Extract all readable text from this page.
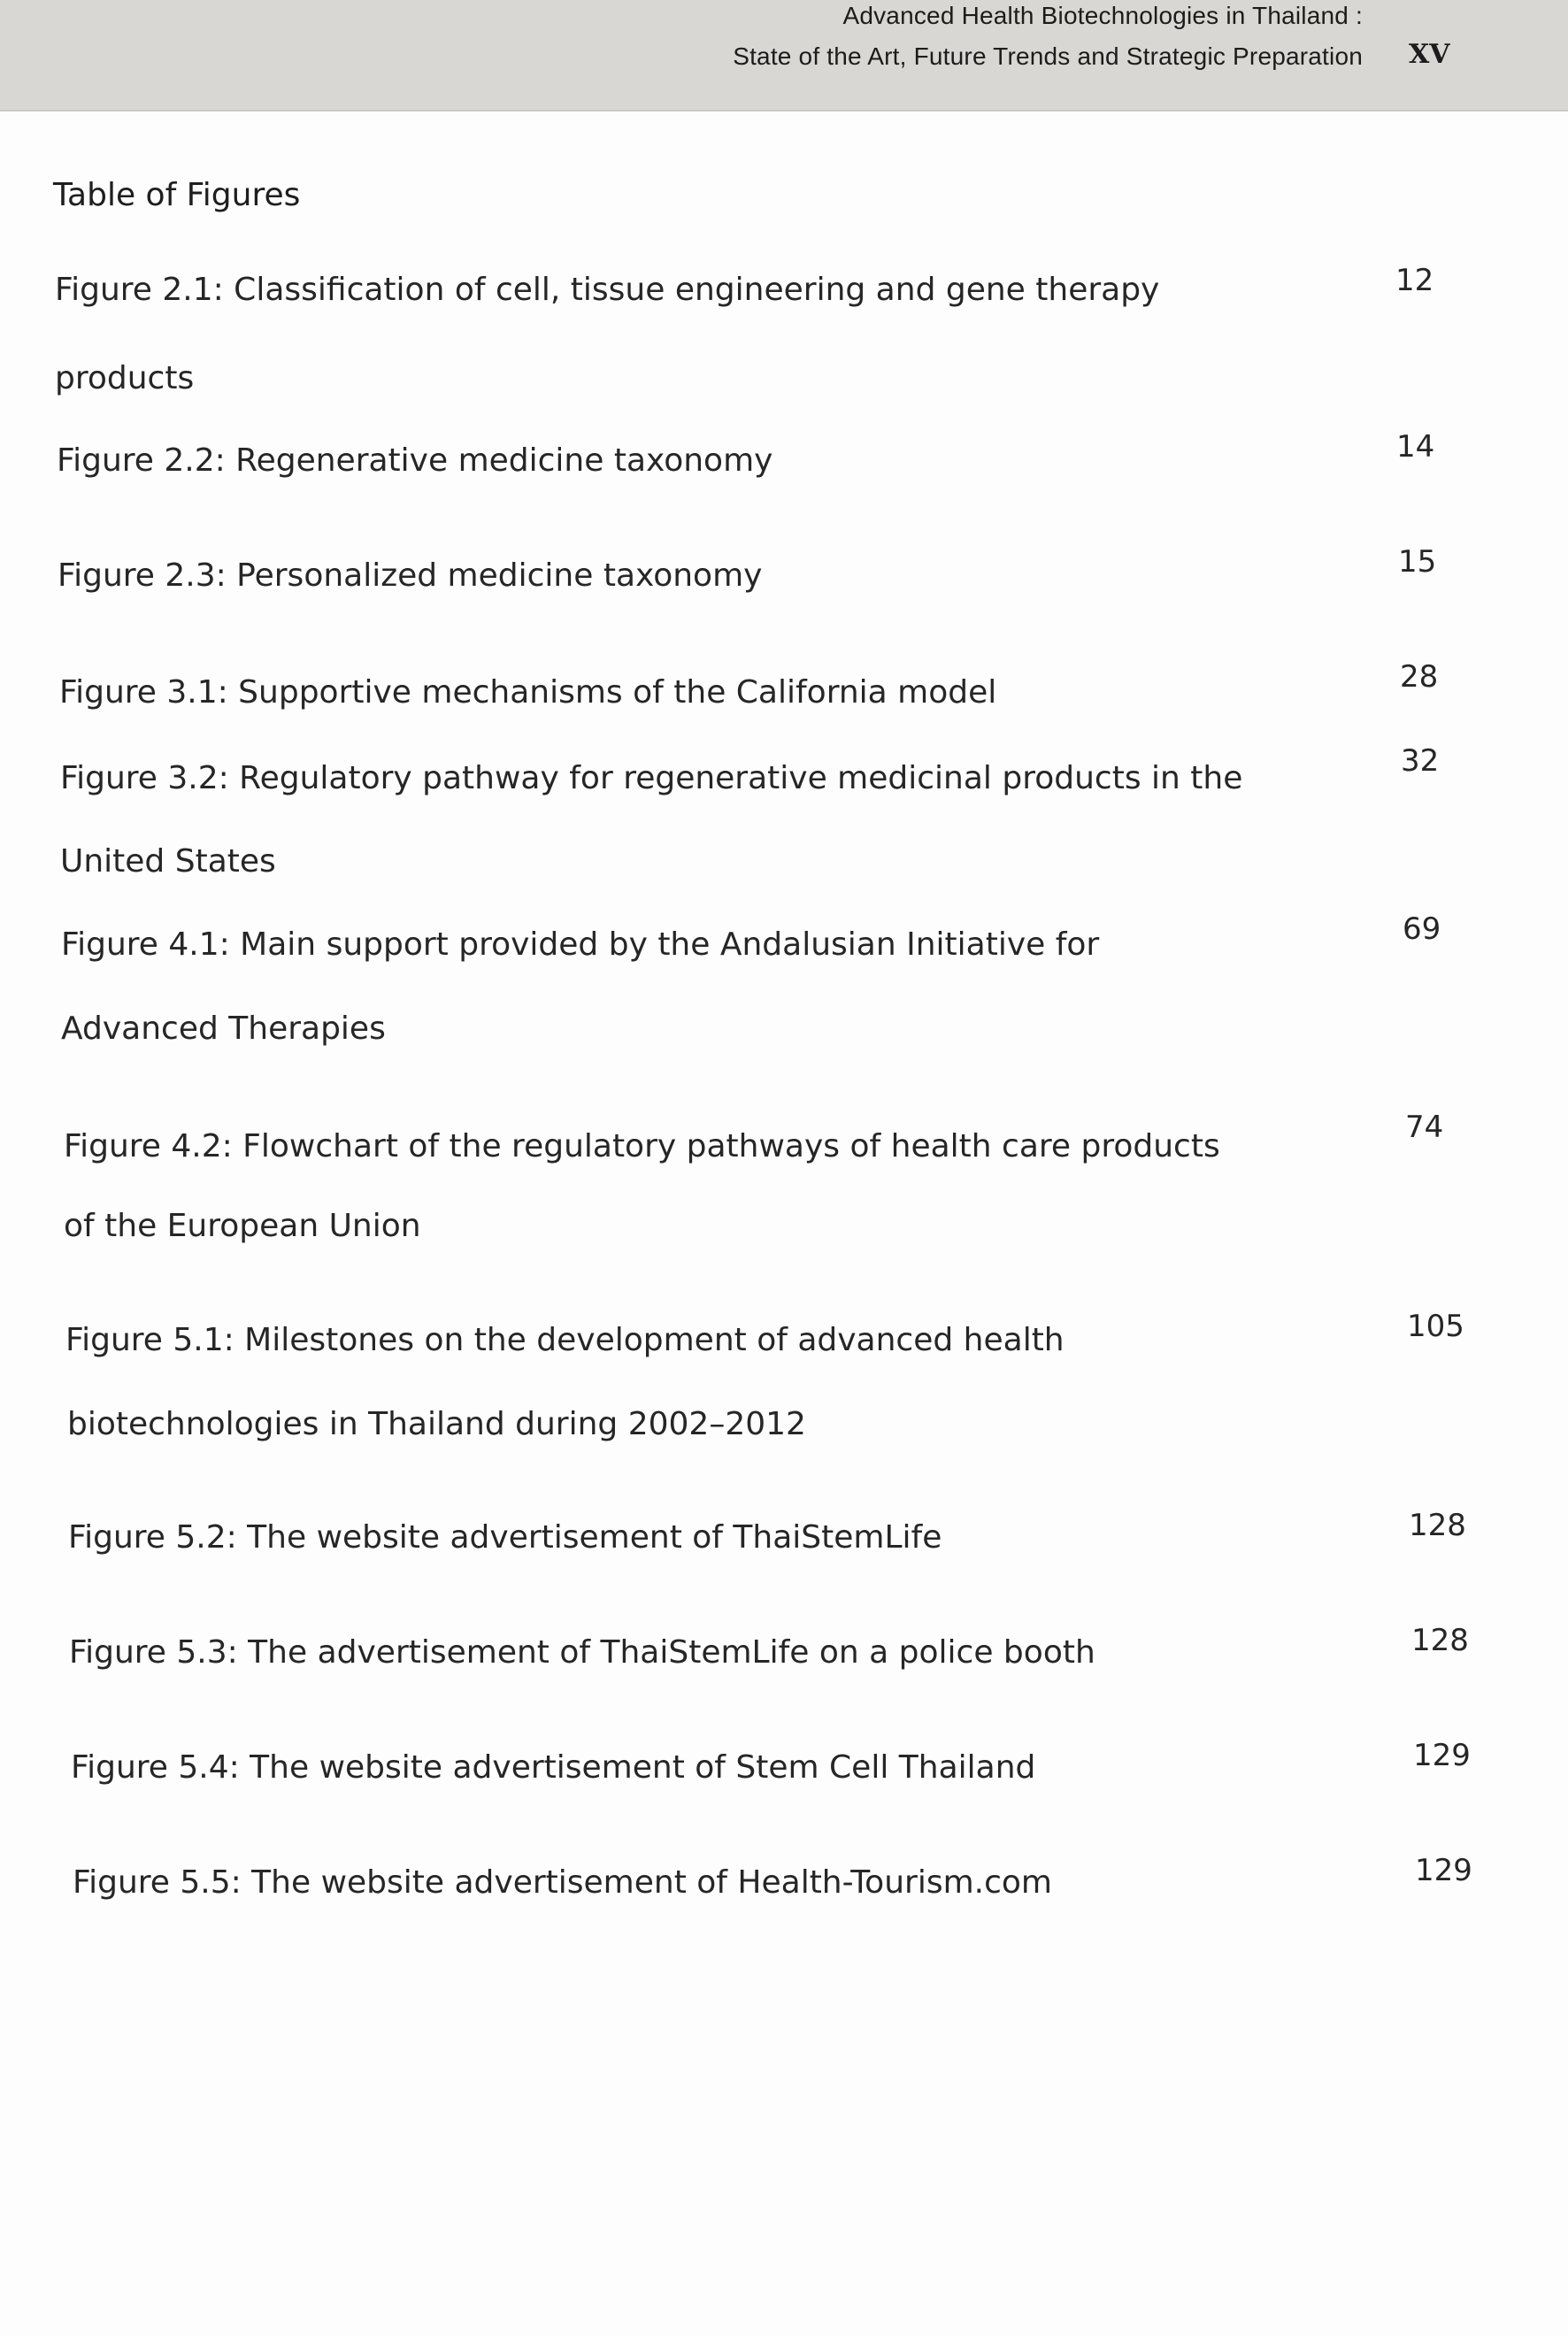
Advanced Health Biotechnologies in Thailand :
State of the Art, Future Trends and Strategic Preparation XV
Table of Figures
Figure 2.1: Classification of cell, tissue engineering and gene therapy
products
12
Figure 2.2: Regenerative medicine taxonomy	14
Figure 2.3: Personalized medicine taxonomy	15
Figure 3.1: Supportive mechanisms of the California model	28
Figure 3.2: Regulatory pathway for regenerative medicinal products in the
United States
32
Figure 4.1: Main support provided by the Andalusian Initiative for
Advanced Therapies
69
Figure 4.2: Flowchart of the regulatory pathways of health care products
of the European Union
74
Figure 5.1: Milestones on the development of advanced health
biotechnologies in Thailand during 2002–2012
105
Figure 5.2: The website advertisement of ThaiStemLife	128
Figure 5.3: The advertisement of ThaiStemLife on a police booth	128
Figure 5.4: The website advertisement of Stem Cell Thailand	129
Figure 5.5: The website advertisement of Health-Tourism.com	129
